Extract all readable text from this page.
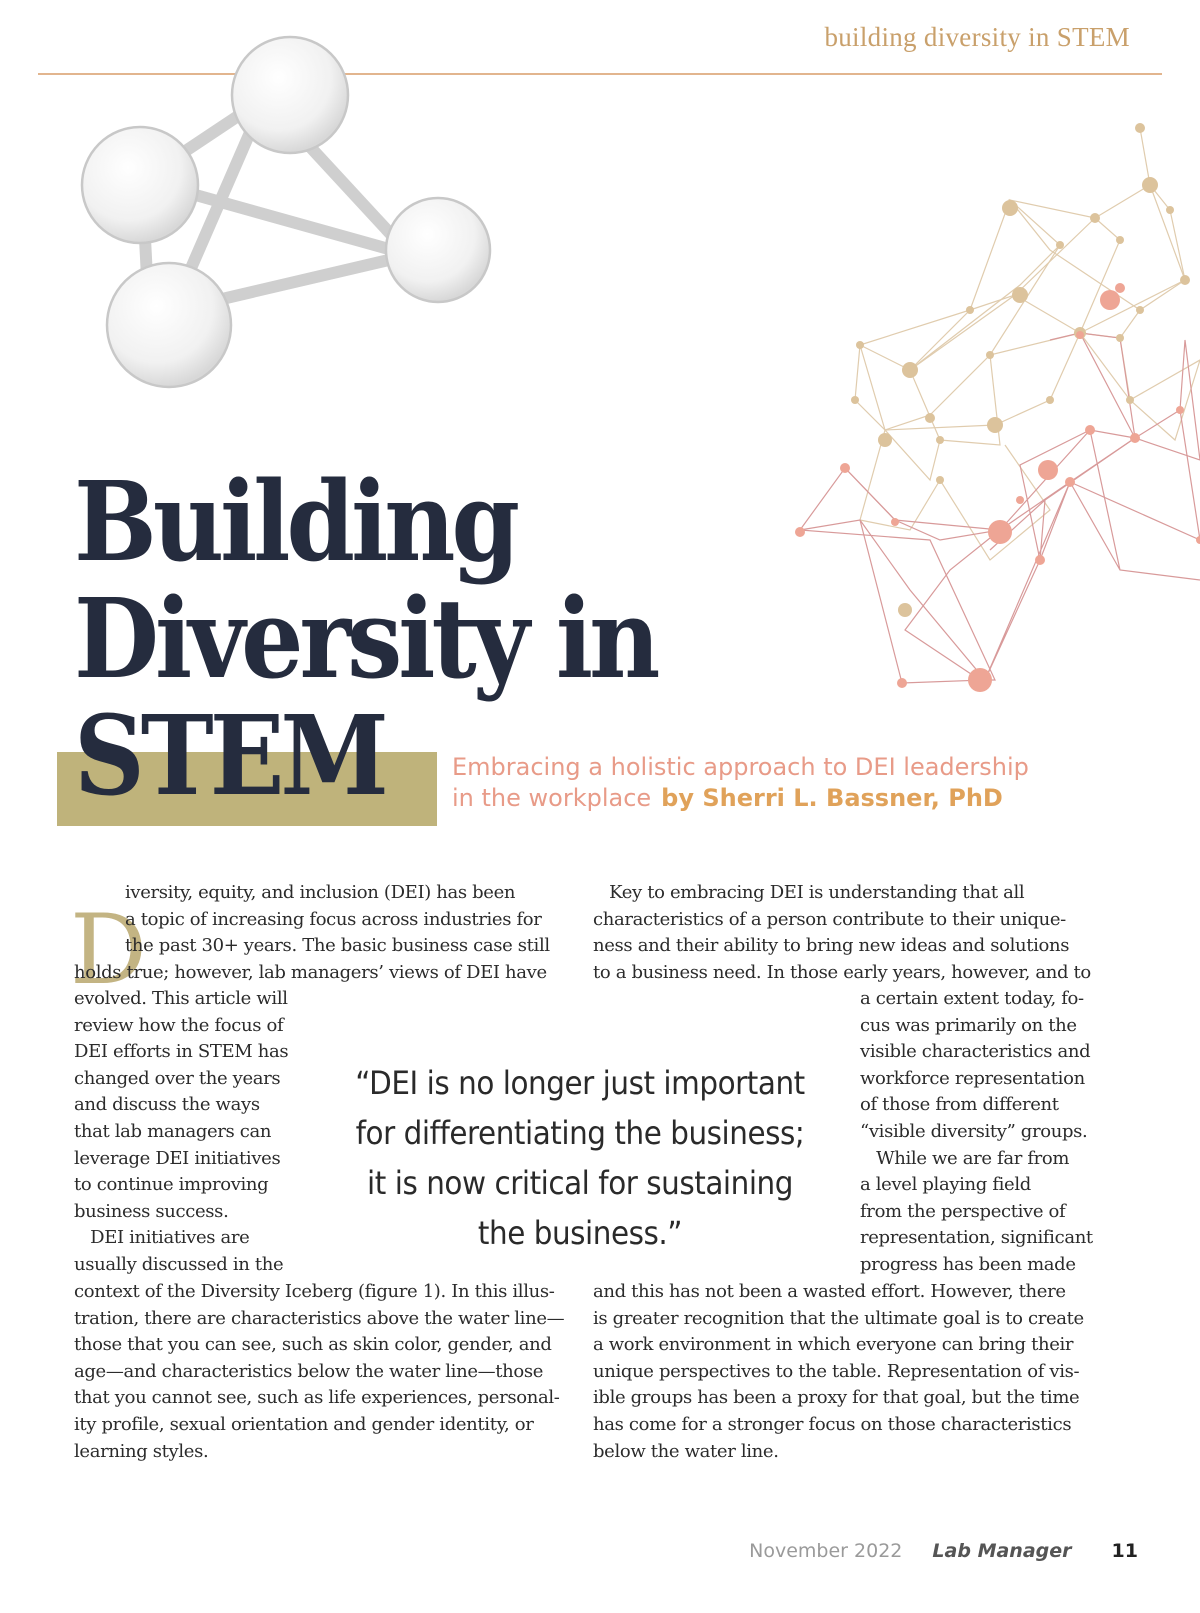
building diversity in STEM
Building
Diversity in
STEM	Embracing a holistic approach to DEI leadership
in the workplace by Sherri L. Bassner, PhD
D

iversity, equity, and inclusion (DEI) has been

a topic of increasing focus across industries for

the past 30+ years. The basic business case still

holds true; however, lab managers’ views of DEI have

evolved. This article will

review how the focus of

DEI efforts in STEM has

changed over the years

and discuss the ways

that lab managers can

leverage DEI initiatives

to continue improving

business success.

DEI initiatives are

usually discussed in the

context of the Diversity Iceberg (figure 1). In this illus-

tration, there are characteristics above the water line—

those that you can see, such as skin color, gender, and

age—and characteristics below the water line—those

that you cannot see, such as life experiences, personal-

ity profile, sexual orientation and gender identity, or

learning styles.

Key to embracing DEI is understanding that all

characteristics of a person contribute to their unique-

ness and their ability to bring new ideas and solutions

to a business need. In those early years, however, and to

a certain extent today, fo-

cus was primarily on the

visible characteristics and

workforce representation

of those from different

“visible diversity” groups.

While we are far from

a level playing field

from the perspective of

representation, significant

progress has been made

and this has not been a wasted effort. However, there

is greater recognition that the ultimate goal is to create

a work environment in which everyone can bring their

unique perspectives to the table. Representation of vis-

ible groups has been a proxy for that goal, but the time

has come for a stronger focus on those characteristics

below the water line.

“DEI is no longer just important
for differentiating the business;
it is now critical for sustaining
the business.”
November 2022 Lab Manager 11
